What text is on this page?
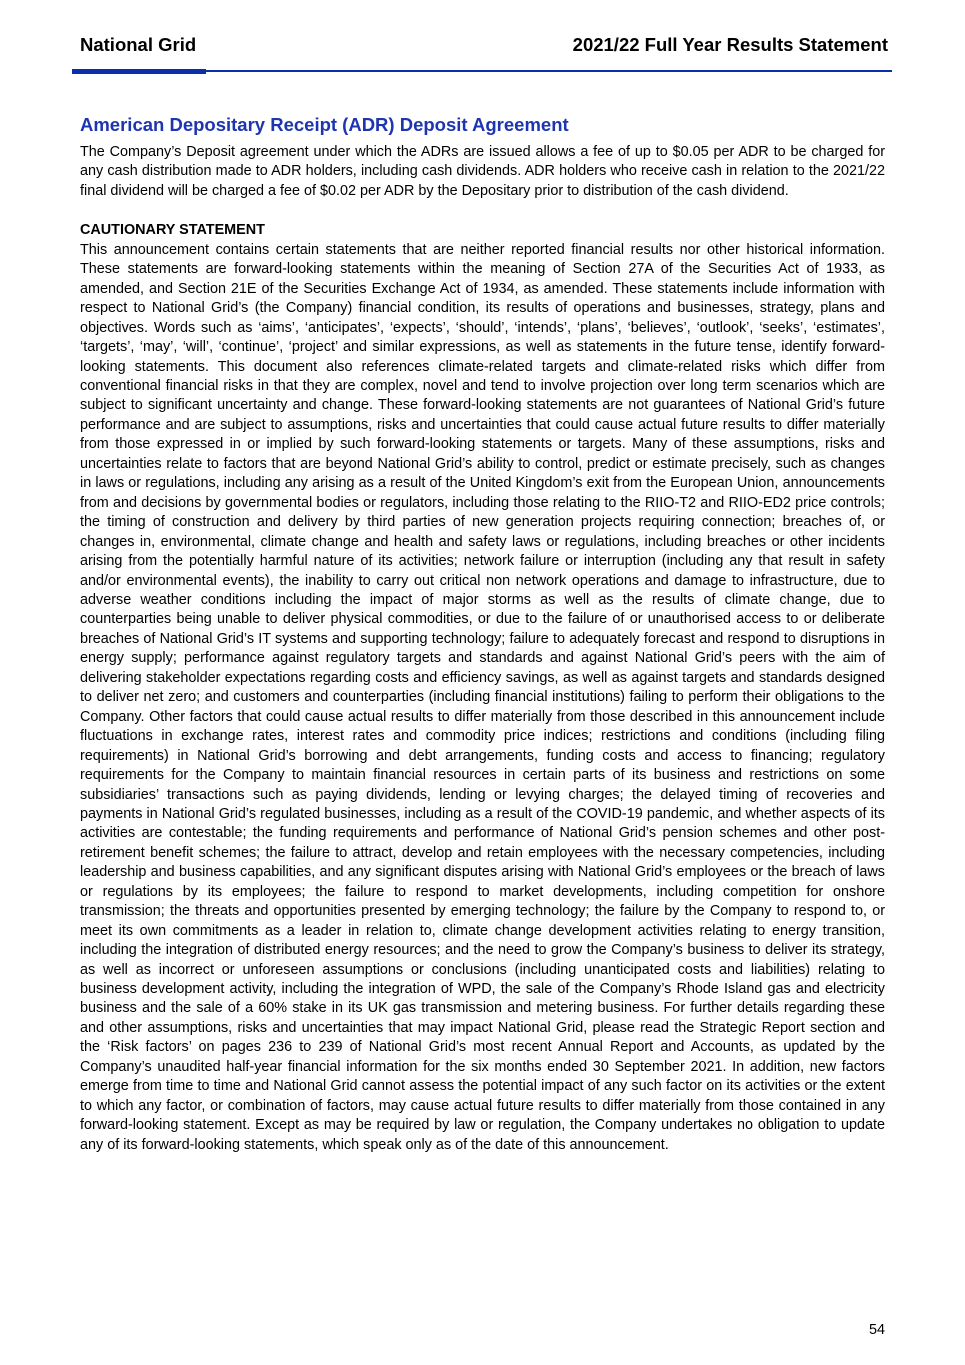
National Grid	2021/22 Full Year Results Statement
American Depositary Receipt (ADR) Deposit Agreement

The Company’s Deposit agreement under which the ADRs are issued allows a fee of up to $0.05 per ADR to be charged for any cash distribution made to ADR holders, including cash dividends. ADR holders who receive cash in relation to the 2021/22 final dividend will be charged a fee of $0.02 per ADR by the Depositary prior to distribution of the cash dividend.

CAUTIONARY STATEMENT

This announcement contains certain statements that are neither reported financial results nor other historical information. These statements are forward-looking statements within the meaning of Section 27A of the Securities Act of 1933, as amended, and Section 21E of the Securities Exchange Act of 1934, as amended. These statements include information with respect to National Grid’s (the Company) financial condition, its results of operations and businesses, strategy, plans and objectives. Words such as ‘aims’, ‘anticipates’, ‘expects’, ‘should’, ‘intends’, ‘plans’, ‘believes’, ‘outlook’, ‘seeks’, ‘estimates’, ‘targets’, ‘may’, ‘will’, ‘continue’, ‘project’ and similar expressions, as well as statements in the future tense, identify forward-looking statements. This document also references climate-related targets and climate-related risks which differ from conventional financial risks in that they are complex, novel and tend to involve projection over long term scenarios which are subject to significant uncertainty and change. These forward-looking statements are not guarantees of National Grid’s future performance and are subject to assumptions, risks and uncertainties that could cause actual future results to differ materially from those expressed in or implied by such forward-looking statements or targets. Many of these assumptions, risks and uncertainties relate to factors that are beyond National Grid’s ability to control, predict or estimate precisely, such as changes in laws or regulations, including any arising as a result of the United Kingdom’s exit from the European Union, announcements from and decisions by governmental bodies or regulators, including those relating to the RIIO-T2 and RIIO-ED2 price controls; the timing of construction and delivery by third parties of new generation projects requiring connection; breaches of, or changes in, environmental, climate change and health and safety laws or regulations, including breaches or other incidents arising from the potentially harmful nature of its activities; network failure or interruption (including any that result in safety and/or environmental events), the inability to carry out critical non network operations and damage to infrastructure, due to adverse weather conditions including the impact of major storms as well as the results of climate change, due to counterparties being unable to deliver physical commodities, or due to the failure of or unauthorised access to or deliberate breaches of National Grid’s IT systems and supporting technology; failure to adequately forecast and respond to disruptions in energy supply; performance against regulatory targets and standards and against National Grid’s peers with the aim of delivering stakeholder expectations regarding costs and efficiency savings, as well as against targets and standards designed to deliver net zero; and customers and counterparties (including financial institutions) failing to perform their obligations to the Company. Other factors that could cause actual results to differ materially from those described in this announcement include fluctuations in exchange rates, interest rates and commodity price indices; restrictions and conditions (including filing requirements) in National Grid’s borrowing and debt arrangements, funding costs and access to financing; regulatory requirements for the Company to maintain financial resources in certain parts of its business and restrictions on some subsidiaries’ transactions such as paying dividends, lending or levying charges; the delayed timing of recoveries and payments in National Grid’s regulated businesses, including as a result of the COVID-19 pandemic, and whether aspects of its activities are contestable; the funding requirements and performance of National Grid’s pension schemes and other post-retirement benefit schemes; the failure to attract, develop and retain employees with the necessary competencies, including leadership and business capabilities, and any significant disputes arising with National Grid’s employees or the breach of laws or regulations by its employees; the failure to respond to market developments, including competition for onshore transmission; the threats and opportunities presented by emerging technology; the failure by the Company to respond to, or meet its own commitments as a leader in relation to, climate change development activities relating to energy transition, including the integration of distributed energy resources; and the need to grow the Company’s business to deliver its strategy, as well as incorrect or unforeseen assumptions or conclusions (including unanticipated costs and liabilities) relating to business development activity, including the integration of WPD, the sale of the Company’s Rhode Island gas and electricity business and the sale of a 60% stake in its UK gas transmission and metering business. For further details regarding these and other assumptions, risks and uncertainties that may impact National Grid, please read the Strategic Report section and the ‘Risk factors’ on pages 236 to 239 of National Grid’s most recent Annual Report and Accounts, as updated by the Company’s unaudited half-year financial information for the six months ended 30 September 2021. In addition, new factors emerge from time to time and National Grid cannot assess the potential impact of any such factor on its activities or the extent to which any factor, or combination of factors, may cause actual future results to differ materially from those contained in any forward-looking statement. Except as may be required by law or regulation, the Company undertakes no obligation to update any of its forward-looking statements, which speak only as of the date of this announcement.

54
